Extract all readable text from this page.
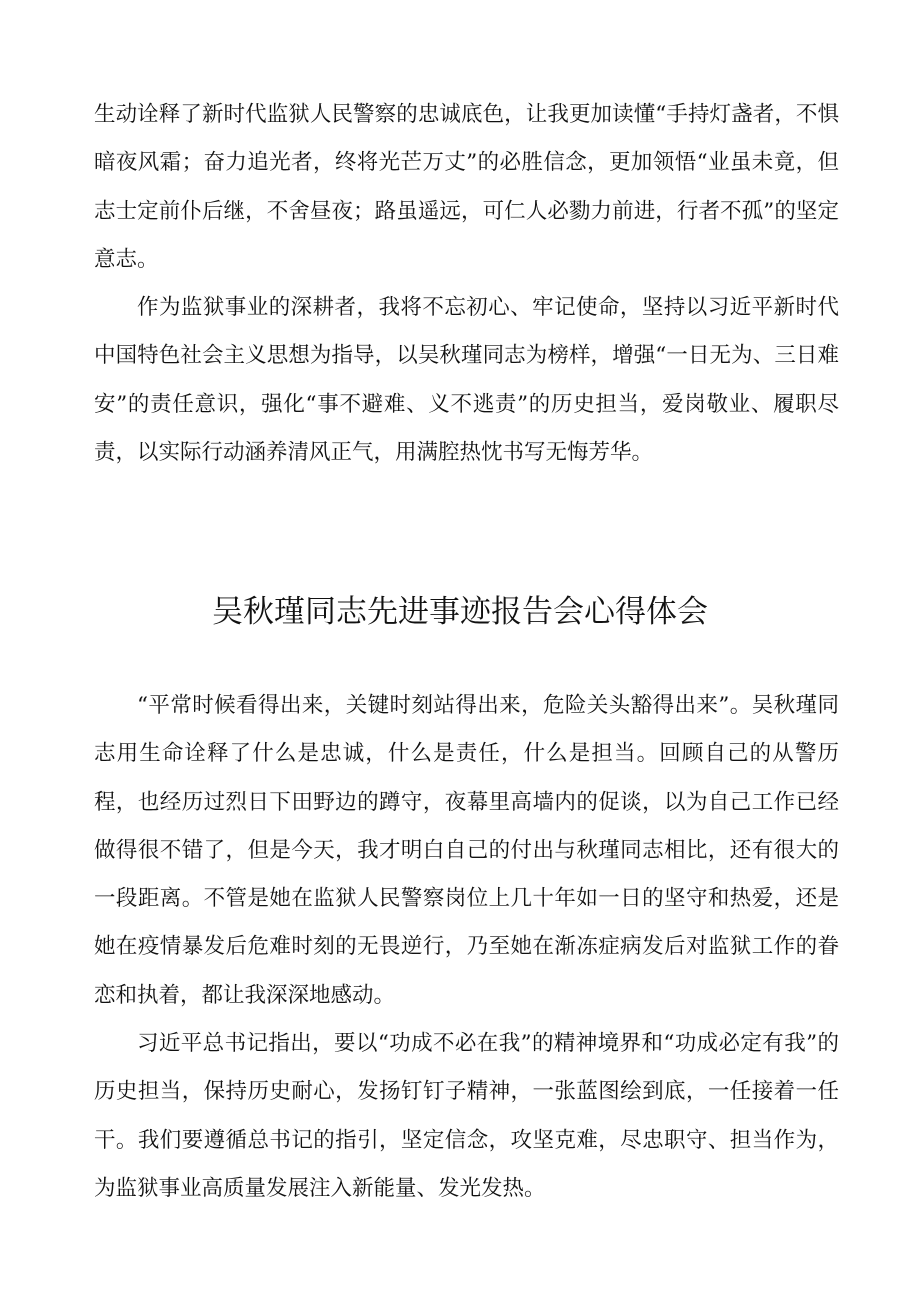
生动诠释了新时代监狱人民警察的忠诚底色，让我更加读懂“手持灯盏者，不惧暗夜风霜；奋力追光者，终将光芒万丈”的必胜信念，更加领悟“业虽未竟，但志士定前仆后继，不舍昼夜；路虽遥远，可仁人必勠力前进，行者不孤”的坚定意志。

作为监狱事业的深耕者，我将不忘初心、牢记使命，坚持以习近平新时代中国特色社会主义思想为指导，以吴秋瑾同志为榜样，增强“一日无为、三日难安”的责任意识，强化“事不避难、义不逃责”的历史担当，爱岗敬业、履职尽责，以实际行动涵养清风正气，用满腔热忱书写无悔芳华。

吴秋瑾同志先进事迹报告会心得体会

“平常时候看得出来，关键时刻站得出来，危险关头豁得出来”。吴秋瑾同志用生命诠释了什么是忠诚，什么是责任，什么是担当。回顾自己的从警历程，也经历过烈日下田野边的蹲守，夜幕里高墙内的促谈，以为自己工作已经做得很不错了，但是今天，我才明白自己的付出与秋瑾同志相比，还有很大的一段距离。不管是她在监狱人民警察岗位上几十年如一日的坚守和热爱，还是她在疫情暴发后危难时刻的无畏逆行，乃至她在渐冻症病发后对监狱工作的眷恋和执着，都让我深深地感动。

习近平总书记指出，要以“功成不必在我”的精神境界和“功成必定有我”的历史担当，保持历史耐心，发扬钉钉子精神，一张蓝图绘到底，一任接着一任干。我们要遵循总书记的指引，坚定信念，攻坚克难，尽忠职守、担当作为，为监狱事业高质量发展注入新能量、发光发热。
